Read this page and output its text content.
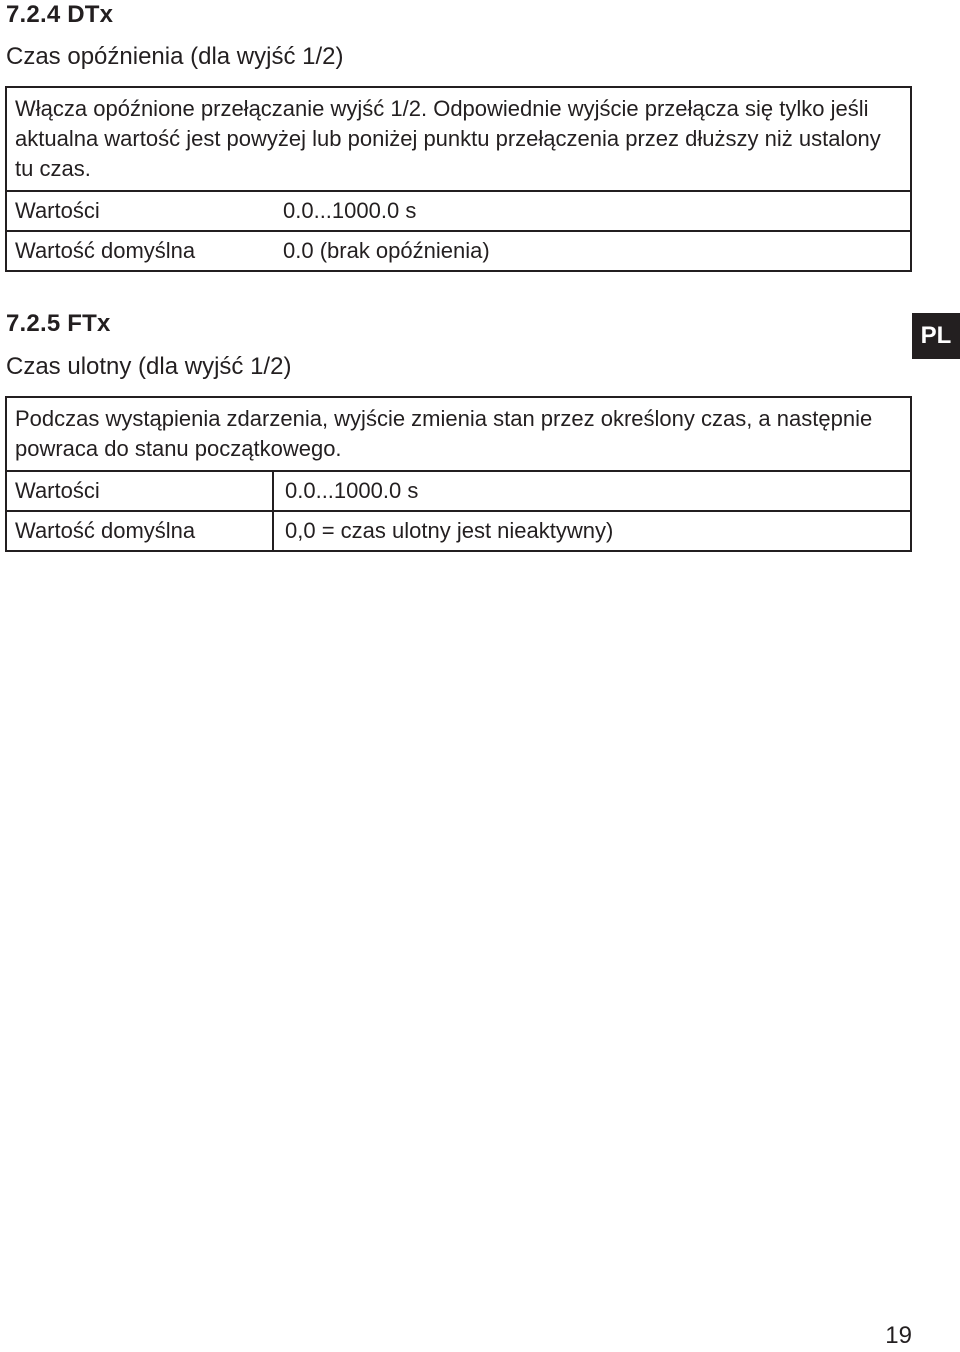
7.2.4 DTx
Czas opóźnienia (dla wyjść 1/2)
Włącza opóźnione przełączanie wyjść 1/2. Odpowiednie wyjście przełącza się tylko jeśli aktualna wartość jest powyżej lub poniżej punktu przełączenia przez dłuższy niż ustalony tu czas.
Wartości	0.0...1000.0 s
Wartość domyślna	0.0 (brak opóźnienia)
7.2.5 FTx
Czas ulotny (dla wyjść 1/2)
Podczas wystąpienia zdarzenia, wyjście zmienia stan przez określony czas, a następnie powraca do stanu początkowego.
Wartości	0.0...1000.0 s
Wartość domyślna	0,0 = czas ulotny jest nieaktywny)
PL
19
